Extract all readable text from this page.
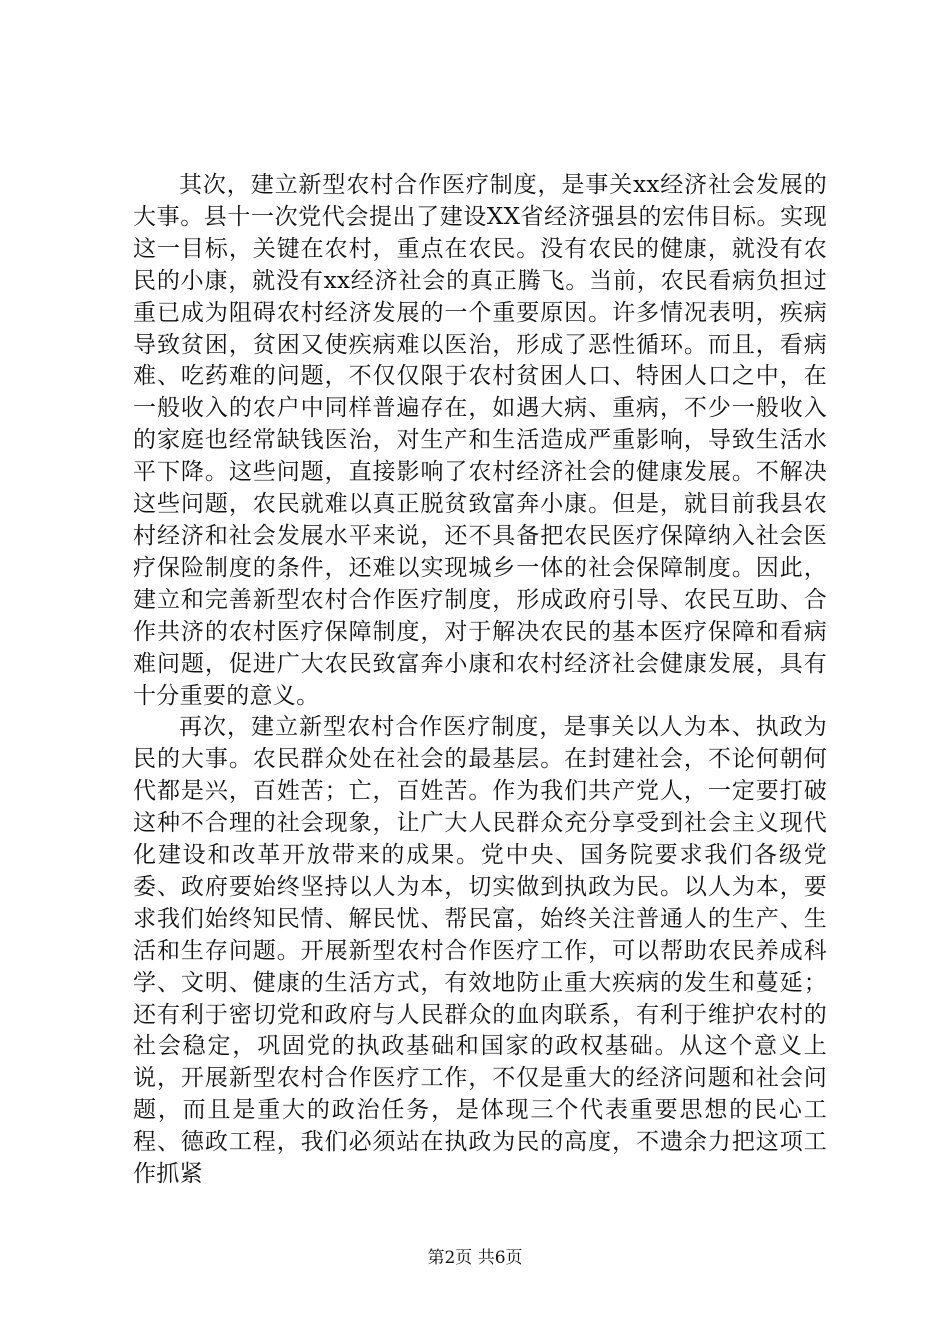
其次，建立新型农村合作医疗制度，是事关xx经济社会发展的大事。县十一次党代会提出了建设XX省经济强县的宏伟目标。实现这一目标，关键在农村，重点在农民。没有农民的健康，就没有农民的小康，就没有xx经济社会的真正腾飞。当前，农民看病负担过重已成为阻碍农村经济发展的一个重要原因。许多情况表明，疾病导致贫困，贫困又使疾病难以医治，形成了恶性循环。而且，看病难、吃药难的问题，不仅仅限于农村贫困人口、特困人口之中，在一般收入的农户中同样普遍存在，如遇大病、重病，不少一般收入的家庭也经常缺钱医治，对生产和生活造成严重影响，导致生活水平下降。这些问题，直接影响了农村经济社会的健康发展。不解决这些问题，农民就难以真正脱贫致富奔小康。但是，就目前我县农村经济和社会发展水平来说，还不具备把农民医疗保障纳入社会医疗保险制度的条件，还难以实现城乡一体的社会保障制度。因此，建立和完善新型农村合作医疗制度，形成政府引导、农民互助、合作共济的农村医疗保障制度，对于解决农民的基本医疗保障和看病难问题，促进广大农民致富奔小康和农村经济社会健康发展，具有十分重要的意义。

再次，建立新型农村合作医疗制度，是事关以人为本、执政为民的大事。农民群众处在社会的最基层。在封建社会，不论何朝何代都是兴，百姓苦；亡，百姓苦。作为我们共产党人，一定要打破这种不合理的社会现象，让广大人民群众充分享受到社会主义现代化建设和改革开放带来的成果。党中央、国务院要求我们各级党委、政府要始终坚持以人为本，切实做到执政为民。以人为本，要求我们始终知民情、解民忧、帮民富，始终关注普通人的生产、生活和生存问题。开展新型农村合作医疗工作，可以帮助农民养成科学、文明、健康的生活方式，有效地防止重大疾病的发生和蔓延；还有利于密切党和政府与人民群众的血肉联系，有利于维护农村的社会稳定，巩固党的执政基础和国家的政权基础。从这个意义上说，开展新型农村合作医疗工作，不仅是重大的经济问题和社会问题，而且是重大的政治任务，是体现三个代表重要思想的民心工程、德政工程，我们必须站在执政为民的高度，不遗余力把这项工作抓紧

第2页 共6页
